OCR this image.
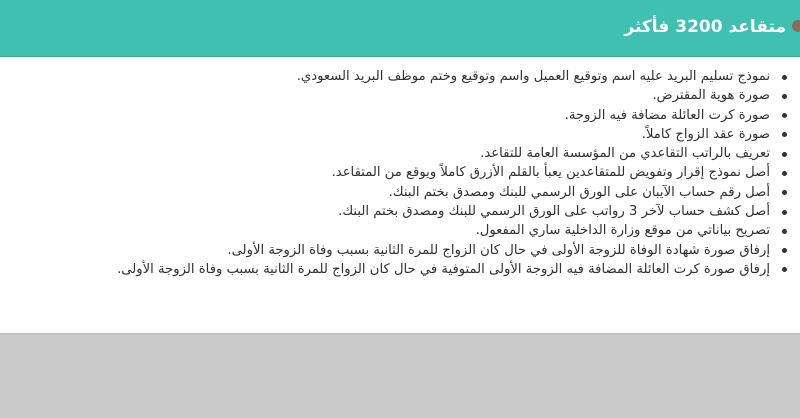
متقاعد 3200 فأكثر
نموذج تسليم البريد عليه اسم وتوقيع العميل واسم وتوقيع وختم موظف البريد السعودي.
صورة هوية المقترض.
صورة كرت العائلة مضافة فيه الزوجة.
صورة عقد الزواج كاملاً.
تعريف بالراتب التقاعدي من المؤسسة العامة للتقاعد.
أصل نموذج إقرار وتفويض للمتقاعدين يعبأ بالقلم الأزرق كاملاً ويوقع من المتقاعد.
أصل رقم حساب الآيبان على الورق الرسمي للبنك ومصدق بختم البنك.
أصل كشف حساب لآخر 3 رواتب على الورق الرسمي للبنك ومصدق بختم البنك.
تصريح بياناتي من موقع وزارة الداخلية ساري المفعول.
إرفاق صورة شهادة الوفاة للزوجة الأولى في حال كان الزواج للمرة الثانية بسبب وفاة الزوجة الأولى.
إرفاق صورة كرت العائلة المضافة فيه الزوجة الأولى المتوفية في حال كان الزواج للمرة الثانية بسبب وفاة الزوجة الأولى.
